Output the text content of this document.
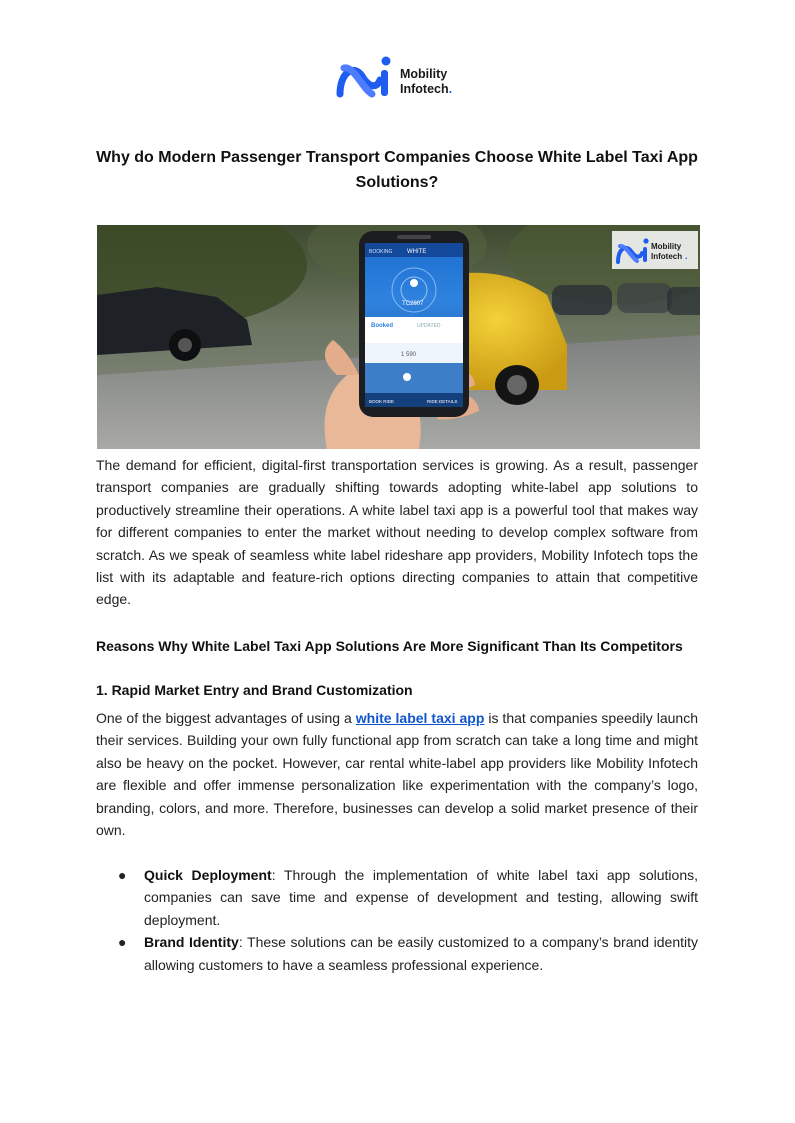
Mobility
Infotech.
Why do Modern Passenger Transport Companies Choose White Label Taxi App Solutions?
BOOKING WHITE
TC2807
Booked	UPDATED
1 590
BOOK RIDE	RIDE DETAILS
Mobility
Infotech .

The demand for efficient, digital-first transportation services is growing. As a result, passenger transport companies are gradually shifting towards adopting white-label app solutions to productively streamline their operations. A white label taxi app is a powerful tool that makes way for different companies to enter the market without needing to develop complex software from scratch. As we speak of seamless white label rideshare app providers, Mobility Infotech tops the list with its adaptable and feature-rich options directing companies to attain that competitive edge.

Reasons Why White Label Taxi App Solutions Are More Significant Than Its Competitors
1. Rapid Market Entry and Brand Customization

One of the biggest advantages of using a white label taxi app is that companies speedily launch their services. Building your own fully functional app from scratch can take a long time and might also be heavy on the pocket. However, car rental white-label app providers like Mobility Infotech are flexible and offer immense personalization like experimentation with the company’s logo, branding, colors, and more. Therefore, businesses can develop a solid market presence of their own.

● Quick Deployment: Through the implementation of white label taxi app solutions, companies can save time and expense of development and testing, allowing swift deployment.
● Brand Identity: These solutions can be easily customized to a company’s brand identity allowing customers to have a seamless professional experience.
